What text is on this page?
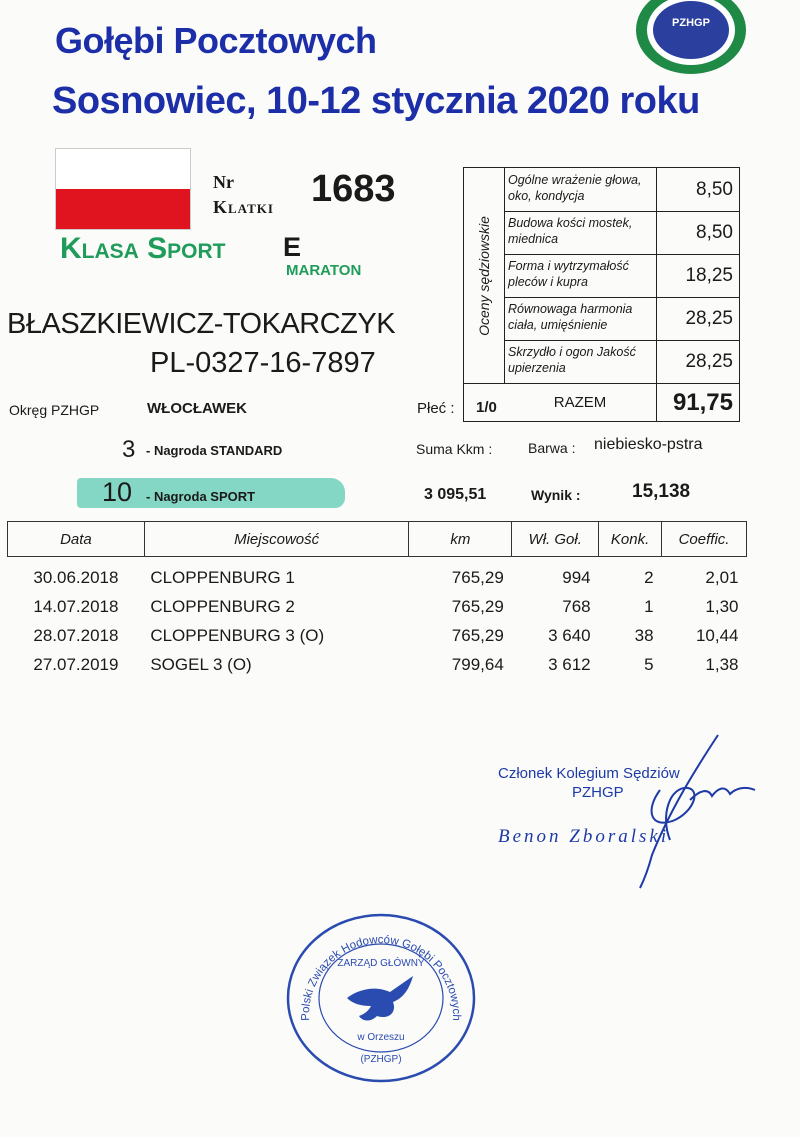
Gołębi Pocztowych
Sosnowiec, 10-12 stycznia 2020 roku
PZHGP
Nr
Klatki 1683
Klasa Sport E
MARATON
BŁASZKIEWICZ-TOKARCZYK
PL-0327-16-7897
Oceny sędziowskie
Ogólne wrażenie głowa, oko, kondycja	8,50
Budowa kości mostek, miednica	8,50
Forma i wytrzymałość pleców i kupra	18,25
Równowaga harmonia ciała, umięśnienie	28,25
Skrzydło i ogon Jakość upierzenia	28,25
RAZEM	91,75
Okręg PZHGP	WŁOCŁAWEK	Płeć : 1/0
3 - Nagroda STANDARD	Suma Kkm :	Barwa : niebiesko-pstra
10 - Nagroda SPORT	3 095,51	Wynik :	15,138
Data	Miejscowość	km	Wł. Goł.	Konk.	Coeffic.

30.06.2018	CLOPPENBURG 1	765,29	994	2	2,01
14.07.2018	CLOPPENBURG 2	765,29	768	1	1,30
28.07.2018	CLOPPENBURG 3 (O)	765,29	3 640	38	10,44
27.07.2019	SOGEL 3 (O)	799,64	3 612	5	1,38
Członek Kolegium Sędziów
PZHGP
Benon Zboralski
Polski Związek Hodowców Gołębi Pocztowych
ZARZĄD GŁÓWNY
w Orzeszu
(PZHGP)
